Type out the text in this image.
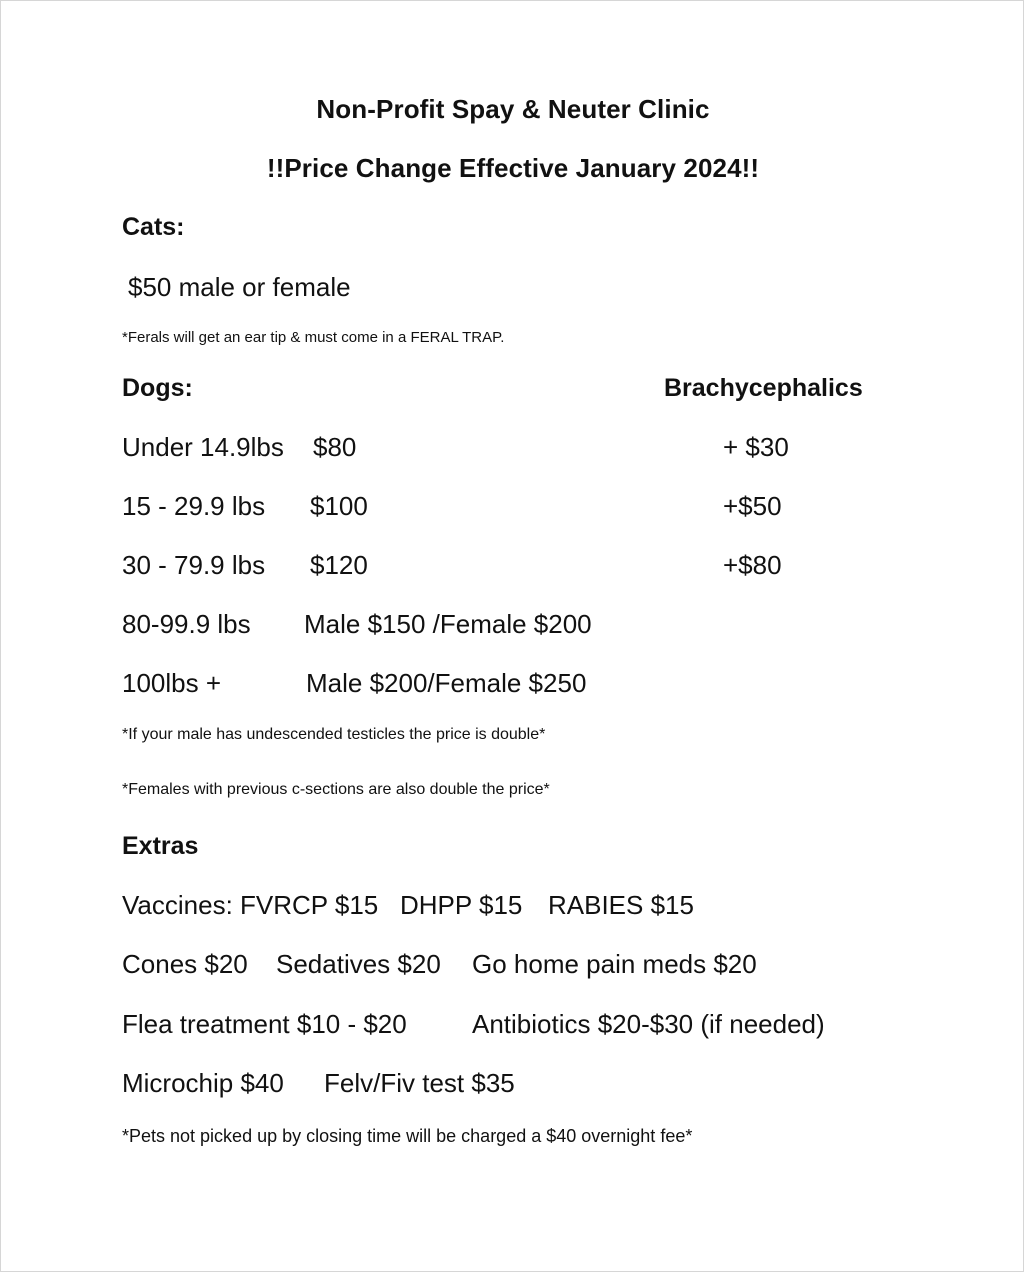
Non-Profit Spay & Neuter Clinic
!!Price Change Effective January 2024!!
Cats:
$50 male or female
*Ferals will get an ear tip & must come in a FERAL TRAP.
Dogs:	Brachycephalics
Under 14.9lbs $80	+ $30
15 - 29.9 lbs $100	+$50
30 - 79.9 lbs $120	+$80
80-99.9 lbs Male $150 /Female $200
100lbs +	Male $200/Female $250
*If your male has undescended testicles the price is double*
*Females with previous c-sections are also double the price*
Extras
Vaccines: FVRCP $15 DHPP $15 RABIES $15
Cones $20 Sedatives $20 Go home pain meds $20
Flea treatment $10 - $20	Antibiotics $20-$30 (if needed)
Microchip $40 Felv/Fiv test $35
*Pets not picked up by closing time will be charged a $40 overnight fee*
